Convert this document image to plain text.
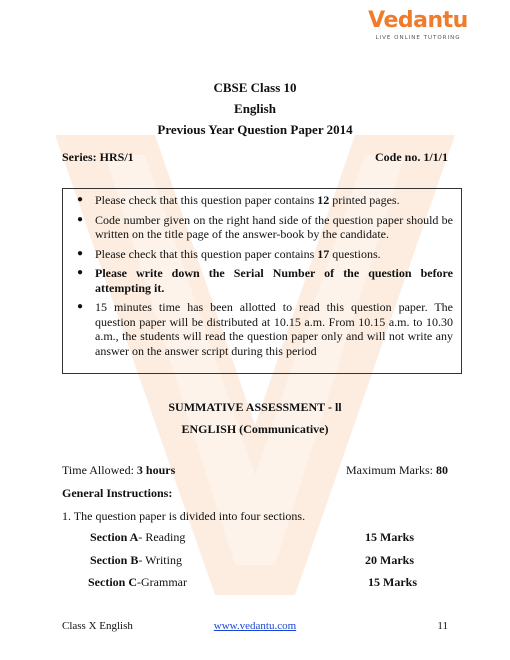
Vedantu
LIVE ONLINE TUTORING
CBSE Class 10
English
Previous Year Question Paper 2014
Series: HRS/1	Code no. 1/1/1
● Please check that this question paper contains 12 printed pages.
● Code number given on the right hand side of the question paper should be written on the title page of the answer-book by the candidate.
● Please check that this question paper contains 17 questions.
● Please write down the Serial Number of the question before attempting it.
● 15 minutes time has been allotted to read this question paper. The question paper will be distributed at 10.15 a.m. From 10.15 a.m. to 10.30 a.m., the students will read the question paper only and will not write any answer on the answer script during this period
SUMMATIVE ASSESSMENT - ll
ENGLISH (Communicative)
Time Allowed: 3 hours	Maximum Marks: 80
General Instructions:
1. The question paper is divided into four sections.
Section A- Reading	15 Marks
Section B- Writing	20 Marks
Section C-Grammar	15 Marks
Class X English	www.vedantu.com	11
